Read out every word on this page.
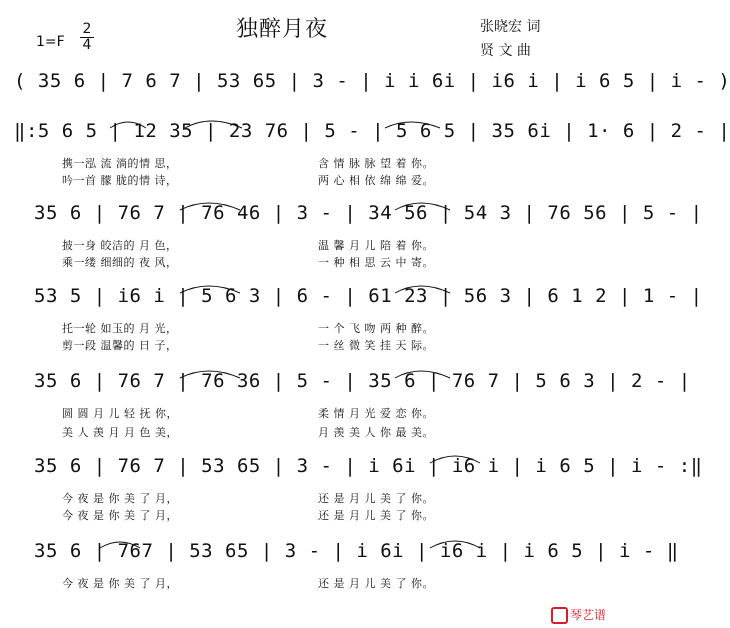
独醉月夜
1=F
2
4
张晓宏 词
贤 文 曲
( 35 6 | 7 6 7 | 53 65 | 3 - | i i 6i | i6 i | i 6 5 | i - )
‖:5 6 5 | 12 35 | 23 76 | 5 - | 5 6 5 | 35 6i | 1· 6 | 2 - |
携一泓 流 淌的情 思，	含 情 脉 脉 望 着 你。
吟一首 朦 胧的情 诗，	两 心 相 依 绵 绵 爱。
35 6 | 76 7 | 76 46 | 3 - | 34 56 | 54 3 | 76 56 | 5 - |
披一身 皎洁的 月 色，	温 馨 月 儿 陪 着 你。
乘一缕 细细的 夜 风，	一 种 相 思 云 中 寄。
53 5 | i6 i | 5 6 3 | 6 - | 61 23 | 56 3 | 6 1 2 | 1 - |
托一轮 如玉的 月 光，	一 个 飞 吻 两 种 醉。
剪一段 温馨的 日 子，	一 丝 微 笑 挂 天 际。
35 6 | 76 7 | 76 36 | 5 - | 35 6 | 76 7 | 5 6 3 | 2 - |
圆 圆 月 儿 轻 抚 你，	柔 情 月 光 爱 恋 你。
美 人 羡 月 月 色 美，	月 羡 美 人 你 最 美。
35 6 | 76 7 | 53 65 | 3 - | i 6i | i6 i | i 6 5 | i - :‖
今 夜 是 你 美 了 月，	还 是 月 儿 美 了 你。
今 夜 是 你 美 了 月，	还 是 月 儿 美 了 你。
35 6 | 767 | 53 65 | 3 - | i 6i | i6 i | i 6 5 | i - ‖
今 夜 是 你 美 了 月，	还 是 月 儿 美 了 你。
琴艺谱
